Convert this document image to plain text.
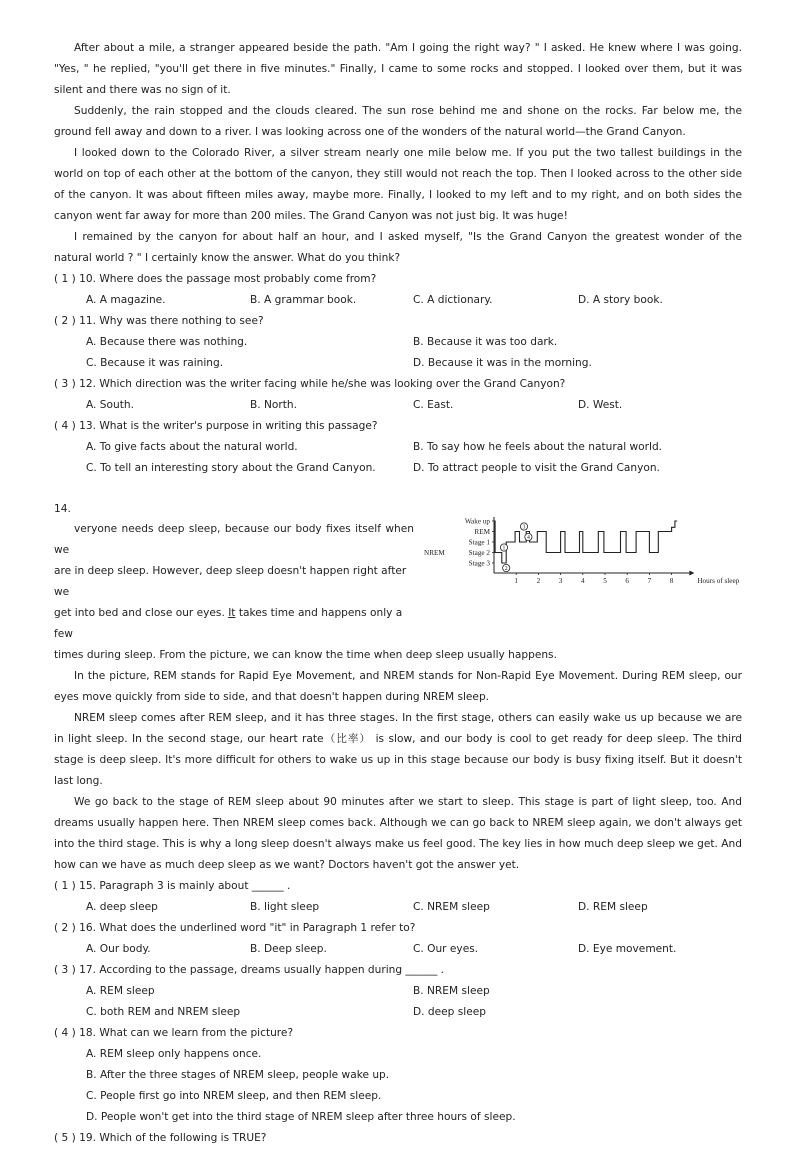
After about a mile, a stranger appeared beside the path. "Am I going the right way? " I asked. He knew where I was going. "Yes, " he replied, "you'll get there in five minutes." Finally, I came to some rocks and stopped. I looked over them, but it was silent and there was no sign of it.

Suddenly, the rain stopped and the clouds cleared. The sun rose behind me and shone on the rocks. Far below me, the ground fell away and down to a river. I was looking across one of the wonders of the natural world—the Grand Canyon.

I looked down to the Colorado River, a silver stream nearly one mile below me. If you put the two tallest buildings in the world on top of each other at the bottom of the canyon, they still would not reach the top. Then I looked across to the other side of the canyon. It was about fifteen miles away, maybe more. Finally, I looked to my left and to my right, and on both sides the canyon went far away for more than 200 miles. The Grand Canyon was not just big. It was huge!

I remained by the canyon for about half an hour, and I asked myself, "Is the Grand Canyon the greatest wonder of the natural world ? " I certainly know the answer. What do you think?

( 1 ) 10. Where does the passage most probably come from?
A. A magazine.	B. A grammar book.	C. A dictionary.	D. A story book.
( 2 ) 11. Why was there nothing to see?
A. Because there was nothing.	B. Because it was too dark.
C. Because it was raining.	D. Because it was in the morning.
( 3 ) 12. Which direction was the writer facing while he/she was looking over the Grand Canyon?
A. South.	B. North.	C. East.	D. West.
( 4 ) 13. What is the writer's purpose in writing this passage?
A. To give facts about the natural world.	B. To say how he feels about the natural world.
C. To tell an interesting story about the Grand Canyon.	D. To attract people to visit the Grand Canyon.
14.
Wake up
REM
Stage 1
Stage 2
Stage 3
NREM
1	2	3	4	5	6	7	8	Hours of sleep
1
2
3
4
veryone needs deep sleep, because our body fixes itself when we
are in deep sleep. However, deep sleep doesn't happen right after we
get into bed and close our eyes. It takes time and happens only a few
times during sleep. From the picture, we can know the time when deep sleep usually happens.

In the picture, REM stands for Rapid Eye Movement, and NREM stands for Non-Rapid Eye Movement. During REM sleep, our eyes move quickly from side to side, and that doesn't happen during NREM sleep.

NREM sleep comes after REM sleep, and it has three stages. In the first stage, others can easily wake us up because we are in light sleep. In the second stage, our heart rate（比率） is slow, and our body is cool to get ready for deep sleep. The third stage is deep sleep. It's more difficult for others to wake us up in this stage because our body is busy fixing itself. But it doesn't last long.

We go back to the stage of REM sleep about 90 minutes after we start to sleep. This stage is part of light sleep, too. And dreams usually happen here. Then NREM sleep comes back. Although we can go back to NREM sleep again, we don't always get into the third stage. This is why a long sleep doesn't always make us feel good. The key lies in how much deep sleep we get. And how can we have as much deep sleep as we want? Doctors haven't got the answer yet.

( 1 ) 15. Paragraph 3 is mainly about ______ .
A. deep sleep	B. light sleep	C. NREM sleep	D. REM sleep
( 2 ) 16. What does the underlined word "it" in Paragraph 1 refer to?
A. Our body.	B. Deep sleep.	C. Our eyes.	D. Eye movement.
( 3 ) 17. According to the passage, dreams usually happen during ______ .
A. REM sleep	B. NREM sleep
C. both REM and NREM sleep	D. deep sleep
( 4 ) 18. What can we learn from the picture?
A. REM sleep only happens once.
B. After the three stages of NREM sleep, people wake up.
C. People first go into NREM sleep, and then REM sleep.
D. People won't get into the third stage of NREM sleep after three hours of sleep.
( 5 ) 19. Which of the following is TRUE?
